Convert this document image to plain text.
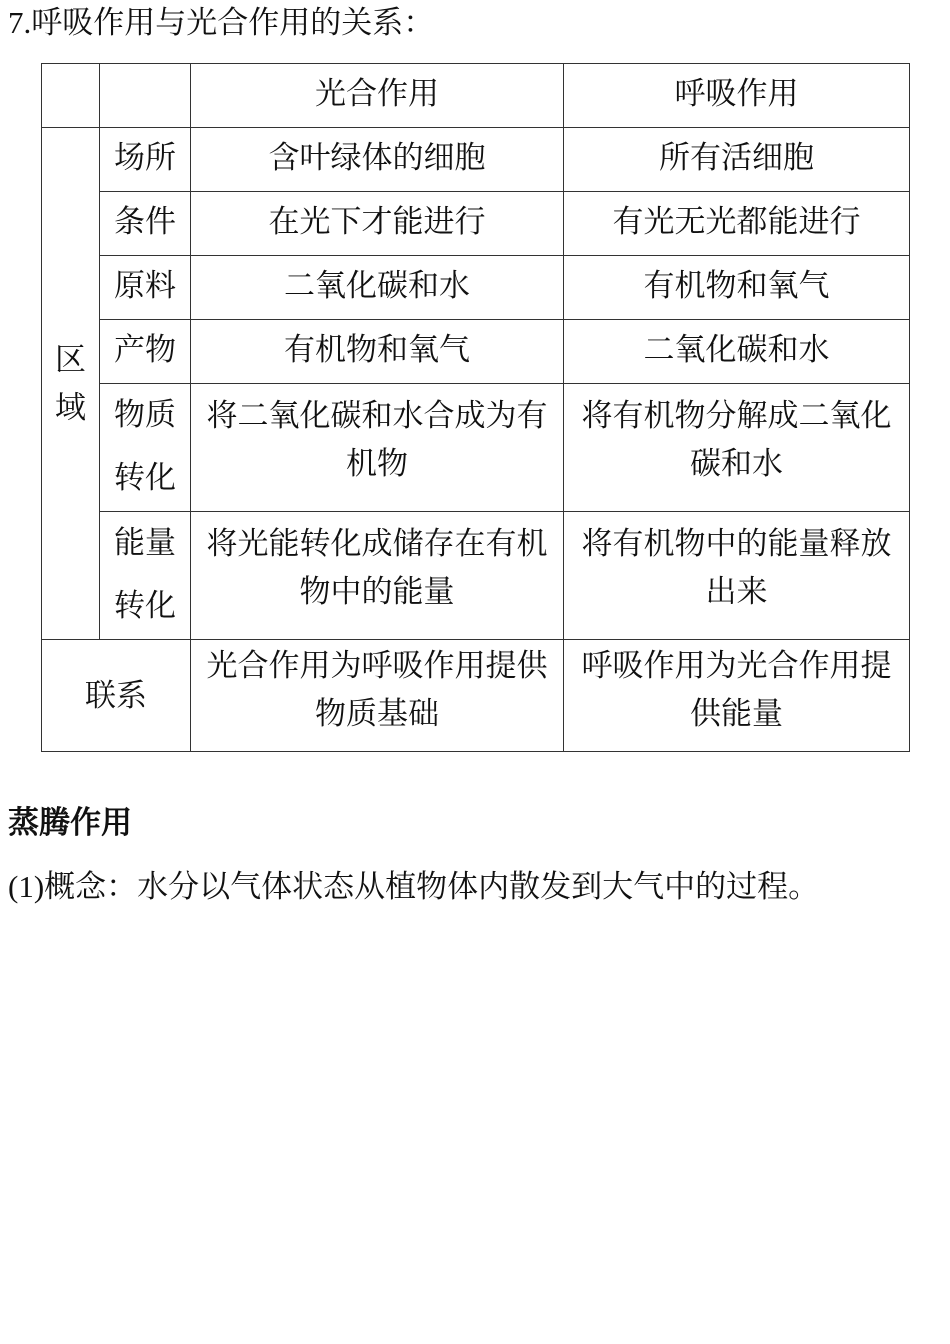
7.呼吸作用与光合作用的关系：
		光合作用	呼吸作用
区域	场所	含叶绿体的细胞	所有活细胞
	条件	在光下才能进行	有光无光都能进行
	原料	二氧化碳和水	有机物和氧气
	产物	有机物和氧气	二氧化碳和水
	物质转化	将二氧化碳和水合成为有机物	将有机物分解成二氧化碳和水
	能量转化	将光能转化成储存在有机物中的能量	将有机物中的能量释放出来
联系		光合作用为呼吸作用提供物质基础	呼吸作用为光合作用提供能量
蒸腾作用
(1)概念：水分以气体状态从植物体内散发到大气中的过程。
